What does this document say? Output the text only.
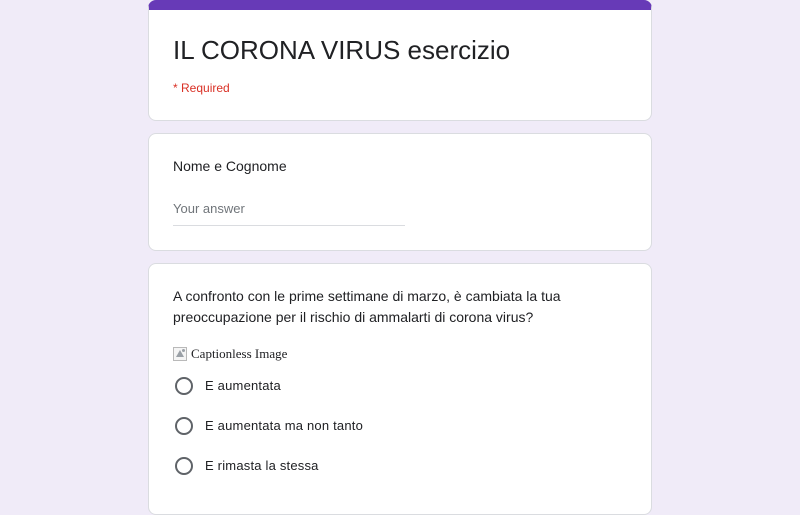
IL CORONA VIRUS esercizio
* Required
Nome e Cognome
Your answer
A confronto con le prime settimane di marzo, è cambiata la tua preoccupazione per il rischio di ammalarti di corona virus?
Captionless Image
E aumentata
E aumentata ma non tanto
E rimasta la stessa
